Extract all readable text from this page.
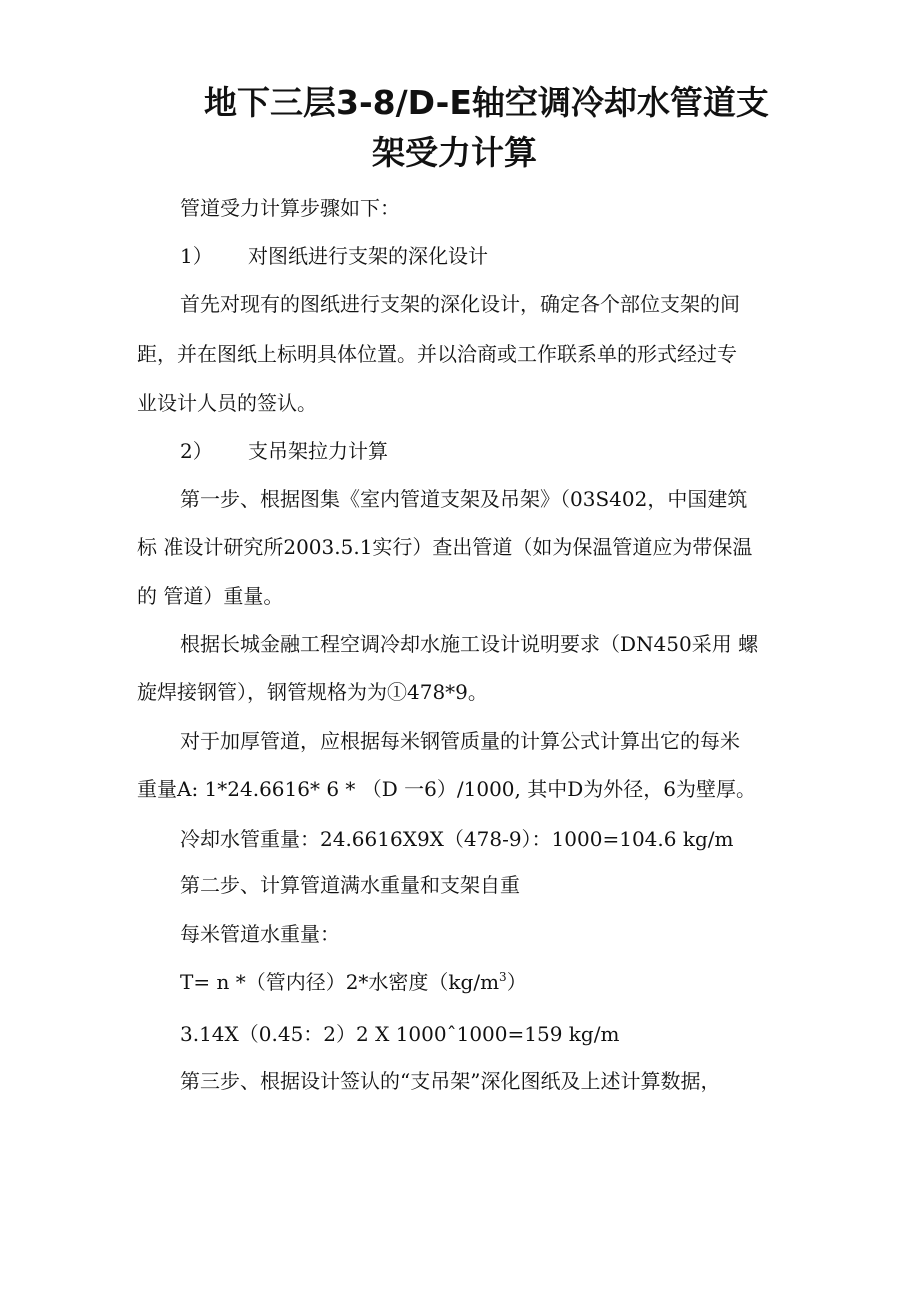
地下三层3-8/D-E轴空调冷却水管道支
架受力计算

管道受力计算步骤如下：

1） 对图纸进行支架的深化设计

首先对现有的图纸进行支架的深化设计，确定各个部位支架的间

距，并在图纸上标明具体位置。并以洽商或工作联系单的形式经过专

业设计人员的签认。

2） 支吊架拉力计算

第一步、根据图集《室内管道支架及吊架》（03S402，中国建筑

标 准设计研究所2003.5.1实行）查出管道（如为保温管道应为带保温

的 管道）重量。

根据长城金融工程空调冷却水施工设计说明要求（DN450采用 螺

旋焊接钢管），钢管规格为为①478*9。

对于加厚管道，应根据每米钢管质量的计算公式计算出它的每米

重量A: 1*24.6616* 6 * （D 一6）/1000, 其中D为外径，6为壁厚。

冷却水管重量：24.6616X9X（478-9）：1000=104.6 kg/m

第二步、计算管道满水重量和支架自重

每米管道水重量：

T= n *（管内径）2*水密度$(kg/m^3)$

3.14X（0.45：2）2 X 1000ˆ1000=159 kg/m

第三步、根据设计签认的“支吊架”深化图纸及上述计算数据，
